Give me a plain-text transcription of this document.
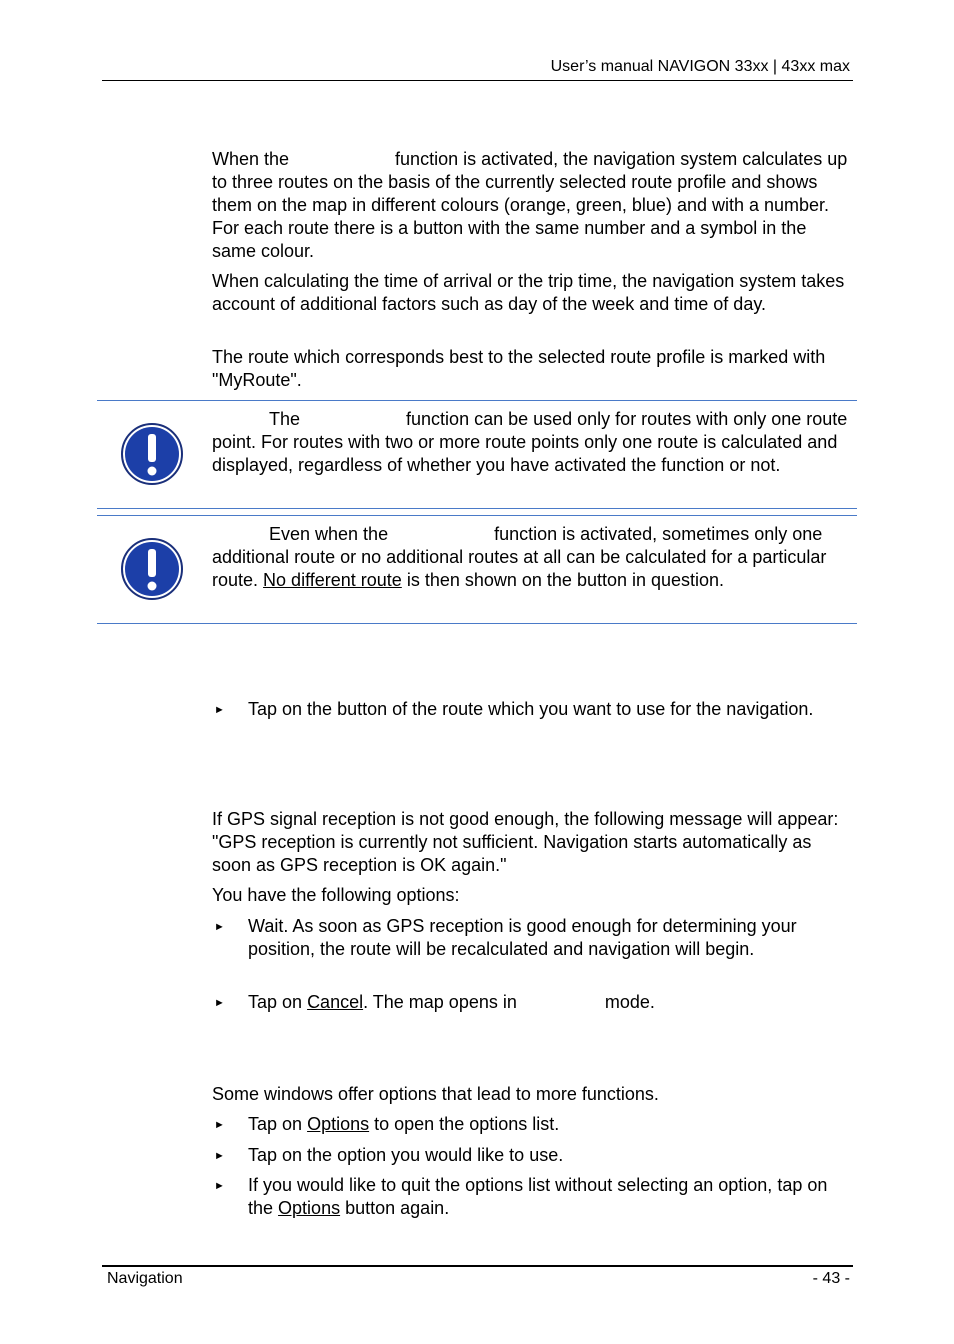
User’s manual NAVIGON 33xx | 43xx max

When the	function is activated, the navigation system calculates up to three routes on the basis of the currently selected route profile and shows them on the map in different colours (orange, green, blue) and with a number. For each route there is a button with the same number and a symbol in the same colour.

When calculating the time of arrival or the trip time, the navigation system takes account of additional factors such as day of the week and time of day.

The route which corresponds best to the selected route profile is marked with "MyRoute".

The	function can be used only for routes with only one route point. For routes with two or more route points only one route is calculated and displayed, regardless of whether you have activated the function or not.

Even when the	function is activated, sometimes only one additional route or no additional routes at all can be calculated for a particular route. No different route is then shown on the button in question.

► Tap on the button of the route which you want to use for the navigation.

If GPS signal reception is not good enough, the following message will appear: "GPS reception is currently not sufficient. Navigation starts automatically as soon as GPS reception is OK again."

You have the following options:

► Wait. As soon as GPS reception is good enough for determining your position, the route will be recalculated and navigation will begin.
► Tap on Cancel. The map opens in	mode.

Some windows offer options that lead to more functions.

► Tap on Options to open the options list.
► Tap on the option you would like to use.
► If you would like to quit the options list without selecting an option, tap on the Options button again.
Navigation	- 43 -
